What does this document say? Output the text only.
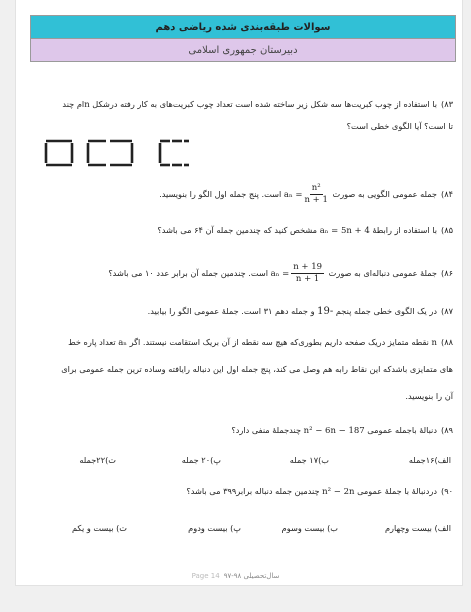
سوالات طبقه‌بندی شده ریاضی دهم
دبیرستان جمهوری اسلامی
۸۳)با استفاده از چوب کبریت‌ها سه شکل زیر ساخته شده است تعداد چوب کبریت‌های به کار رفته درشکل nام چند
تا است؟ آیا الگوی خطی است؟
۸۴)جمله عمومی الگویی به صورت $a_n = \frac{\text{n²}}{n + 1}$
است. پنج جمله اول الگو را بنویسید.
۸۵)با استفاده از رابطهٔ aₙ = 5n + 4 مشخص کنید که چندمین جمله آن ۶۴ می باشد؟
۸۶)جملهٔ عمومی دنباله‌ای به صورت $a_n = \frac{n + 19}{n + 1}$
است. چندمین جمله آن برابر عدد ۱۰ می باشد؟
۸۷)در یک الگوی خطی جمله پنجم 19- و جمله دهم ۳۱ است. جملهٔ عمومی الگو را بیابید.
۸۸)n نقطه متمایز دریک صفحه داریم بطوری‌که هیچ سه نقطه از آن بریک استقامت نیستند. اگر aₙ تعداد پاره خط
های متمایزی باشدکه این نقاط رابه هم وصل می کند، پنج جمله اول این دنباله رایافته وساده ترین جمله عمومی برای
آن را بنویسید.
۸۹)دنبالهٔ باجمله عمومی n² − 6n − 187 چندجملهٔ منفی دارد؟
الف)۱۶جمله
ب)۱۷ جمله
پ)۲۰ جمله
ت)۲۲جمله
۹۰)دردنبالهٔ با جملهٔ عمومی n² − 2n چندمین جمله دنباله برابر۳۹۹ می باشد؟
الف) بیست وچهارم
ب) بیست وسوم
پ) بیست ودوم
ت) بیست و یکم
Page 14 سال‌تحصیلی ۹۸-۹۷
